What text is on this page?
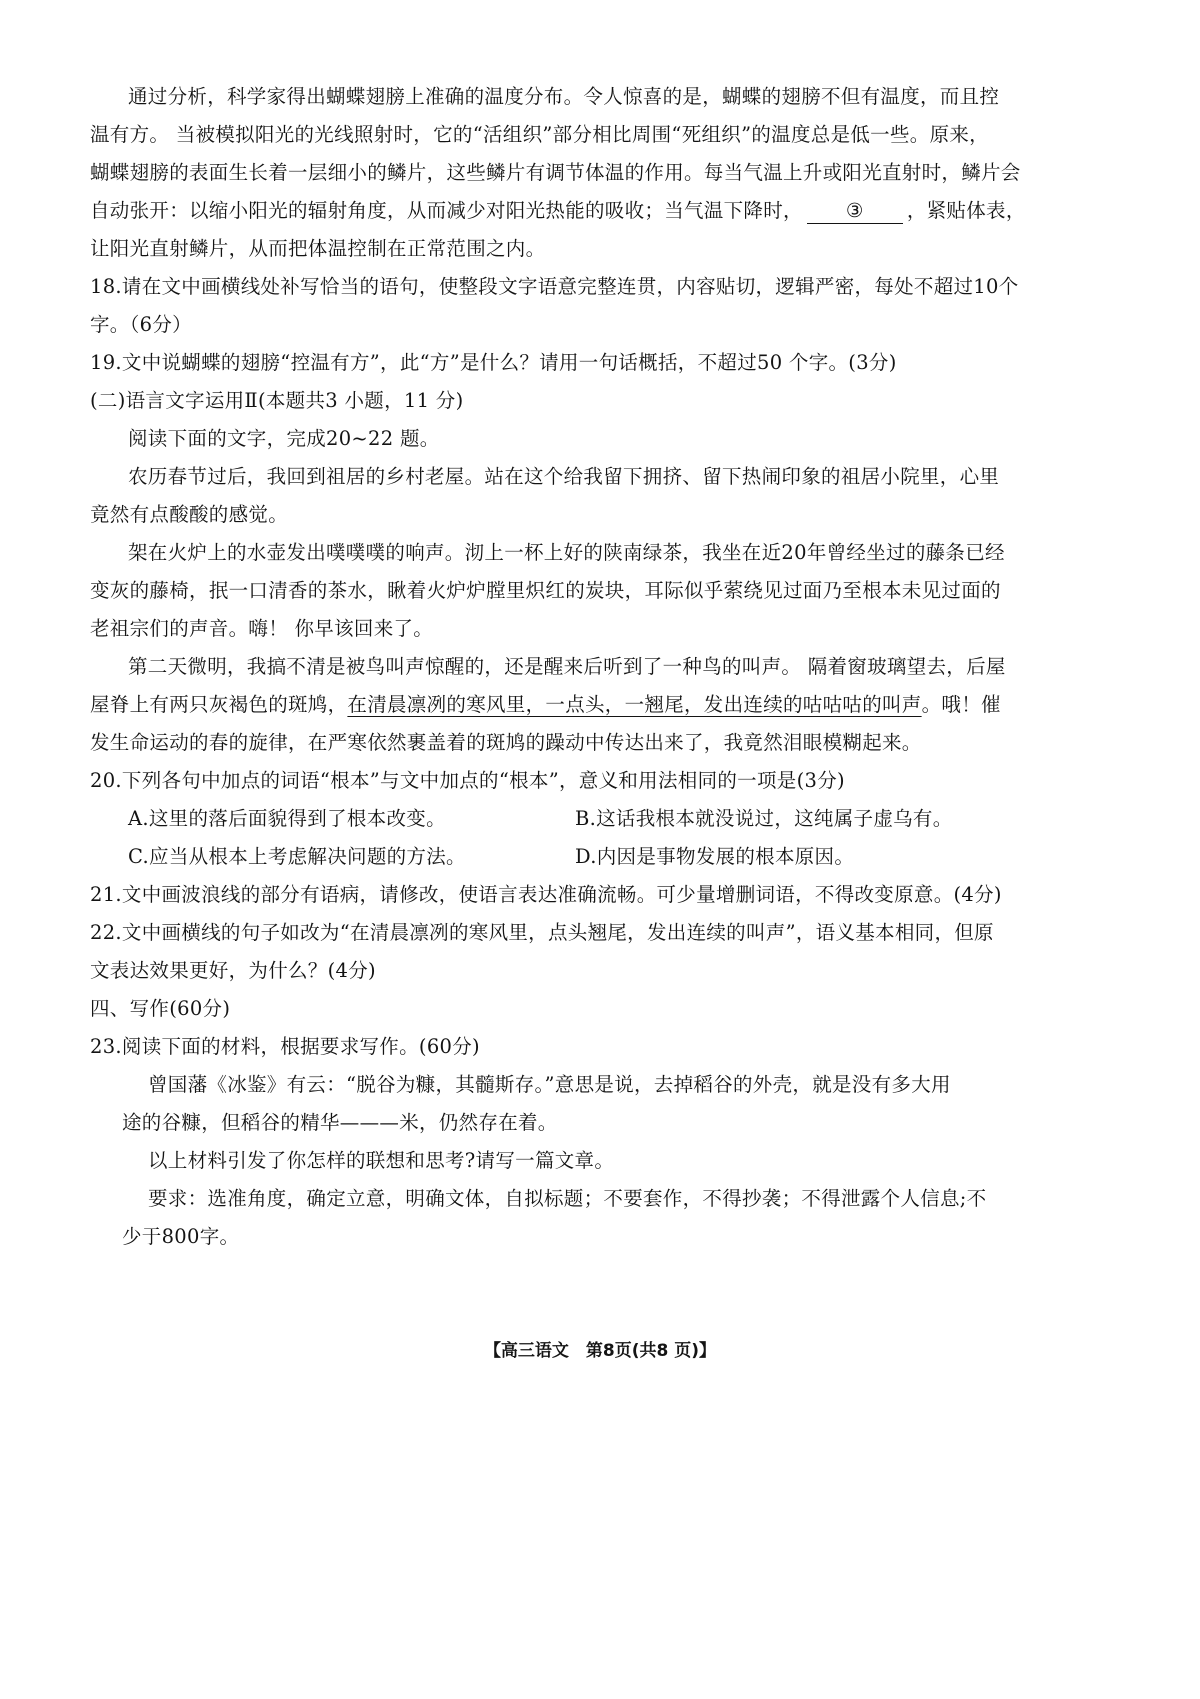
通过分析，科学家得出蝴蝶翅膀上准确的温度分布。令人惊喜的是，蝴蝶的翅膀不但有温度，而且控
温有方。 当被模拟阳光的光线照射时，它的“活组织”部分相比周围“死组织”的温度总是低一些。原来，
蝴蝶翅膀的表面生长着一层细小的鳞片，这些鳞片有调节体温的作用。每当气温上升或阳光直射时，鳞片会
自动张开：以缩小阳光的辐射角度，从而减少对阳光热能的吸收；当气温下降时， ③ ，紧贴体表，
让阳光直射鳞片，从而把体温控制在正常范围之内。
18.请在文中画横线处补写恰当的语句，使整段文字语意完整连贯，内容贴切，逻辑严密，每处不超过10个
字。（6分）
19.文中说蝴蝶的翅膀“控温有方”，此“方”是什么？请用一句话概括，不超过50 个字。(3分)
(二)语言文字运用Ⅱ(本题共3 小题，11 分)
阅读下面的文字，完成20~22 题。
农历春节过后，我回到祖居的乡村老屋。站在这个给我留下拥挤、留下热闹印象的祖居小院里，心里
竟然有点酸酸的感觉。
架在火炉上的水壶发出噗噗噗的响声。沏上一杯上好的陕南绿茶，我坐在近20年曾经坐过的藤条已经
变灰的藤椅，抿一口清香的茶水，瞅着火炉炉膛里炽红的炭块，耳际似乎萦绕见过面乃至根本未见过面的
老祖宗们的声音。嗨！ 你早该回来了。
第二天微明，我搞不清是被鸟叫声惊醒的，还是醒来后听到了一种鸟的叫声。 隔着窗玻璃望去，后屋
屋脊上有两只灰褐色的斑鸠，在清晨凛冽的寒风里，一点头，一翘尾，发出连续的咕咕咕的叫声。哦！催
发生命运动的春的旋律，在严寒依然裹盖着的斑鸠的躁动中传达出来了，我竟然泪眼模糊起来。
20.下列各句中加点的词语“根本”与文中加点的“根本”，意义和用法相同的一项是(3分)
A.这里的落后面貌得到了根本改变。	B.这话我根本就没说过，这纯属子虚乌有。
C.应当从根本上考虑解决问题的方法。	D.内因是事物发展的根本原因。
21.文中画波浪线的部分有语病，请修改，使语言表达准确流畅。可少量增删词语，不得改变原意。(4分)
22.文中画横线的句子如改为“在清晨凛冽的寒风里，点头翘尾，发出连续的叫声”，语义基本相同，但原
文表达效果更好，为什么？(4分)
四、写作(60分)
23.阅读下面的材料，根据要求写作。(60分)
曾国藩《冰鉴》有云：“脱谷为糠，其髓斯存。”意思是说，去掉稻谷的外壳，就是没有多大用
途的谷糠，但稻谷的精华———米，仍然存在着。
以上材料引发了你怎样的联想和思考?请写一篇文章。
要求：选准角度，确定立意，明确文体，自拟标题；不要套作，不得抄袭；不得泄露个人信息;不
少于800字。
【高三语文　第8页(共8 页)】
